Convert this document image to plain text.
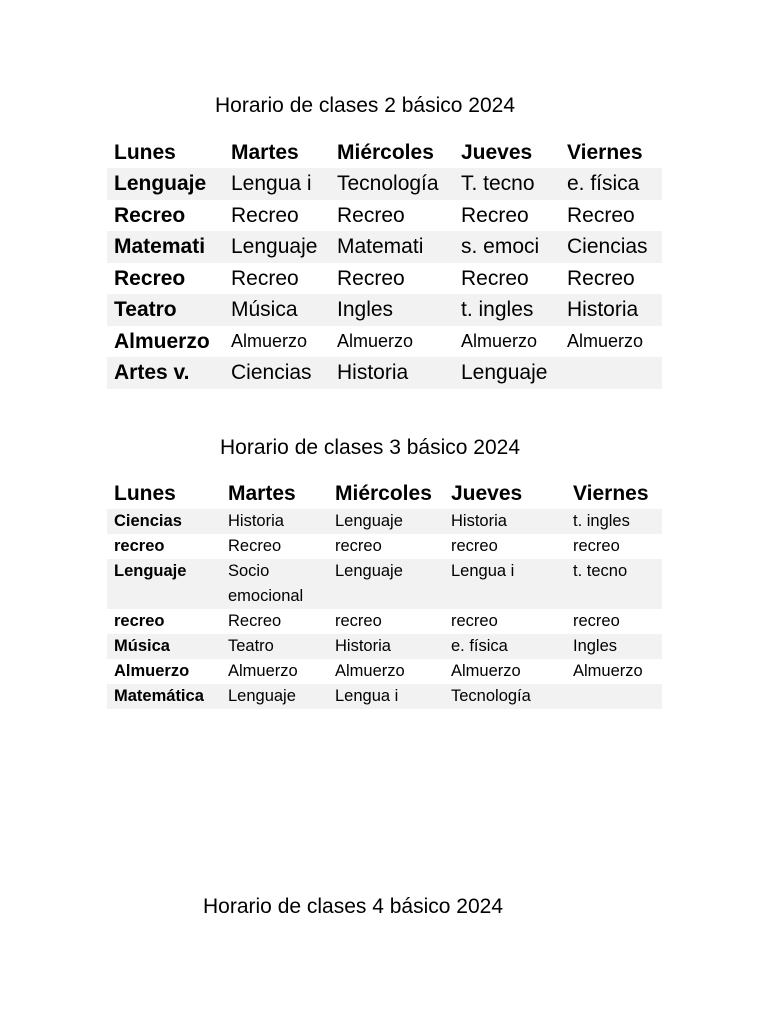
Horario de clases 2 básico 2024
Lunes	Martes	Miércoles	Jueves	Viernes
Lenguaje	Lengua i	Tecnología	T. tecno	e. física
Recreo	Recreo	Recreo	Recreo	Recreo
Matemati	Lenguaje	Matemati	s. emoci	Ciencias
Recreo	Recreo	Recreo	Recreo	Recreo
Teatro	Música	Ingles	t. ingles	Historia
Almuerzo	Almuerzo	Almuerzo	Almuerzo	Almuerzo
Artes v.	Ciencias	Historia	Lenguaje	
Horario de clases 3 básico 2024
Lunes	Martes	Miércoles	Jueves	Viernes
Ciencias	Historia	Lenguaje	Historia	t. ingles
recreo	Recreo	recreo	recreo	recreo
Lenguaje	Socio emocional	Lenguaje	Lengua i	t. tecno
recreo	Recreo	recreo	recreo	recreo
Música	Teatro	Historia	e. física	Ingles
Almuerzo	Almuerzo	Almuerzo	Almuerzo	Almuerzo
Matemática	Lenguaje	Lengua i	Tecnología	
Horario de clases 4 básico 2024
